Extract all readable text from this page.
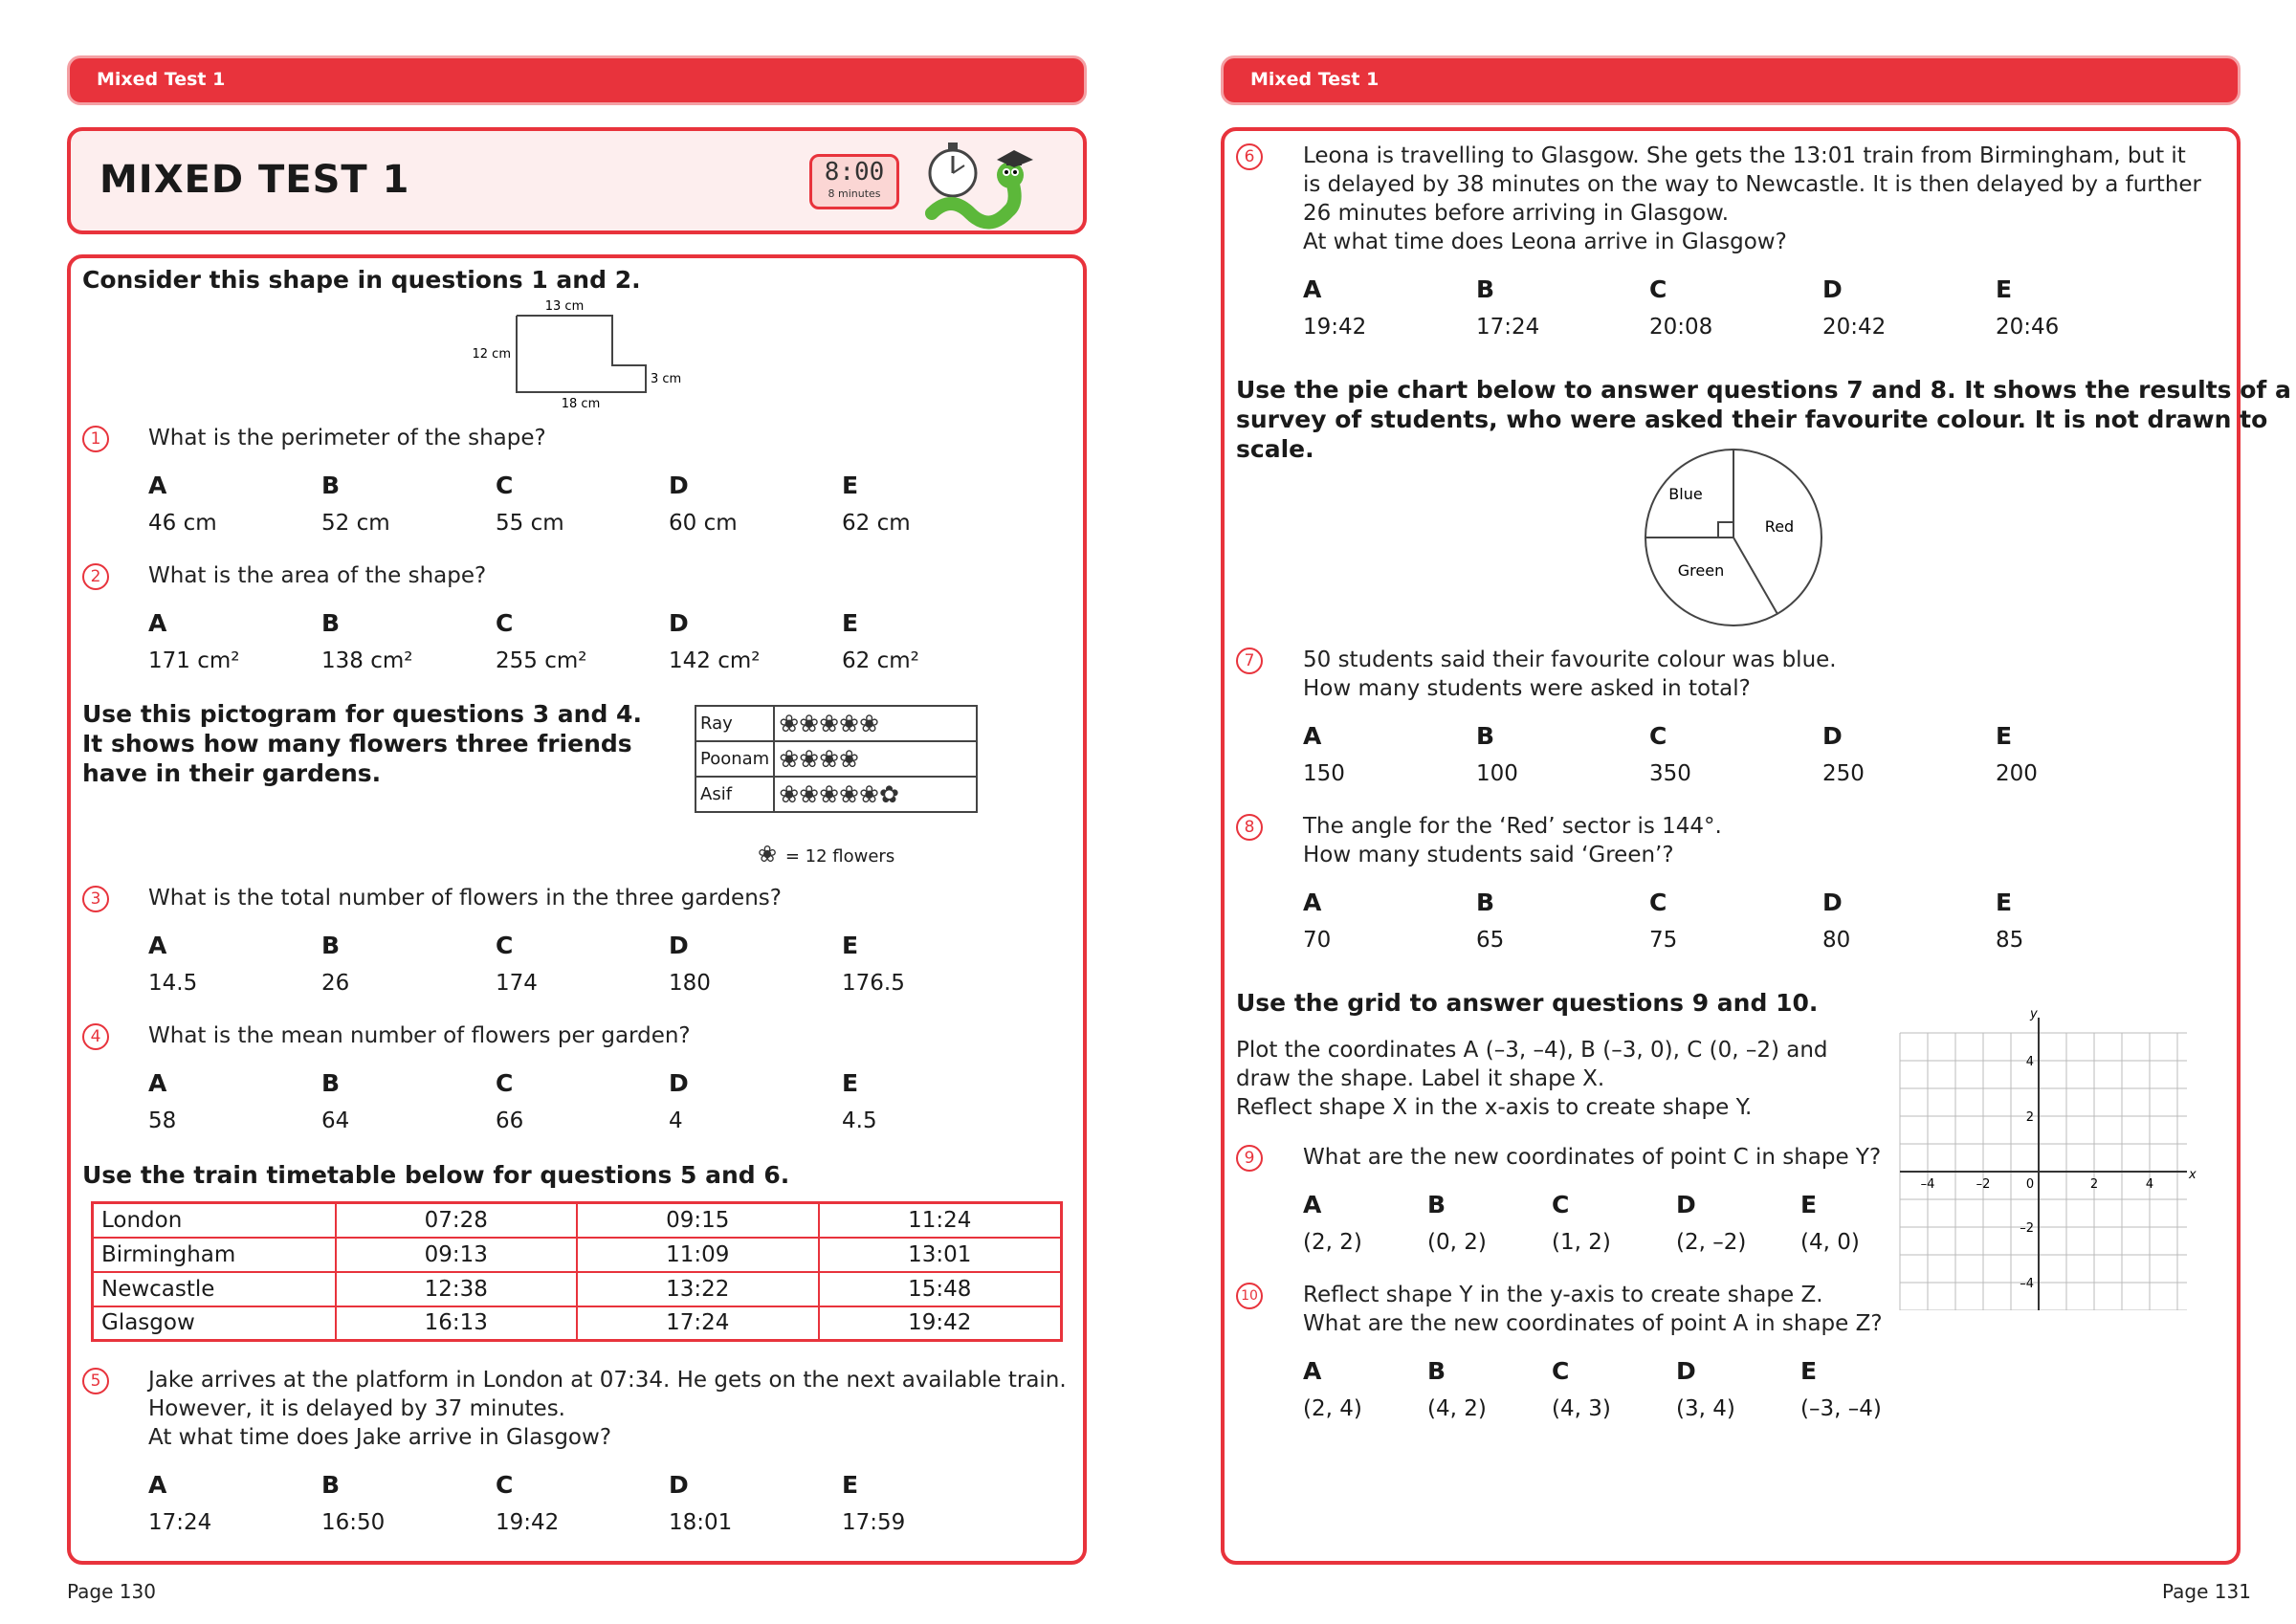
Mixed Test 1
MIXED TEST 1	8:00
8 minutes
Consider this shape in questions 1 and 2.
13 cm
12 cm
3 cm
18 cm
1	What is the perimeter of the shape?
A	B	C	D	E
46 cm	52 cm	55 cm	60 cm	62 cm
2	What is the area of the shape?
A	B	C	D	E
171 cm²	138 cm²	255 cm²	142 cm²	62 cm²
Use this pictogram for questions 3 and 4.
It shows how many flowers three friends
have in their gardens.
Ray	❀❀❀❀❀
Poonam	❀❀❀❀
Asif	❀❀❀❀❀✿
❀ = 12 flowers
3	What is the total number of flowers in the three gardens?
A	B	C	D	E
14.5	26	174	180	176.5
4	What is the mean number of flowers per garden?
A	B	C	D	E
58	64	66	4	4.5
Use the train timetable below for questions 5 and 6.
London	07:28	09:15	11:24
Birmingham	09:13	11:09	13:01
Newcastle	12:38	13:22	15:48
Glasgow	16:13	17:24	19:42
5	Jake arrives at the platform in London at 07:34. He gets on the next available train.
However, it is delayed by 37 minutes.
At what time does Jake arrive in Glasgow?
A	B	C	D	E
17:24	16:50	19:42	18:01	17:59
Page 130
Mixed Test 1
6	Leona is travelling to Glasgow. She gets the 13:01 train from Birmingham, but it
is delayed by 38 minutes on the way to Newcastle. It is then delayed by a further
26 minutes before arriving in Glasgow.
At what time does Leona arrive in Glasgow?
A	B	C	D	E
19:42	17:24	20:08	20:42	20:46
Use the pie chart below to answer questions 7 and 8. It shows the results of a
survey of students, who were asked their favourite colour. It is not drawn to scale.
Blue
Red
Green
7	50 students said their favourite colour was blue.
How many students were asked in total?
A	B	C	D	E
150	100	350	250	200
8	The angle for the ‘Red’ sector is 144°.
How many students said ‘Green’?
A	B	C	D	E
70	65	75	80	85
Use the grid to answer questions 9 and 10.
Plot the coordinates A (–3, –4), B (–3, 0), C (0, –2) and
draw the shape. Label it shape X.
Reflect shape X in the x-axis to create shape Y.
y
x
–4	–2	0	2	4
4
2
–2
–4
9	What are the new coordinates of point C in shape Y?
A	B	C	D	E
(2, 2)	(0, 2)	(1, 2)	(2, –2) (4, 0)
10 Reflect shape Y in the y-axis to create shape Z.
What are the new coordinates of point A in shape Z?
A	B	C	D	E
(2, 4)	(4, 2)	(4, 3)	(3, 4)	(–3, –4)
Page 131
